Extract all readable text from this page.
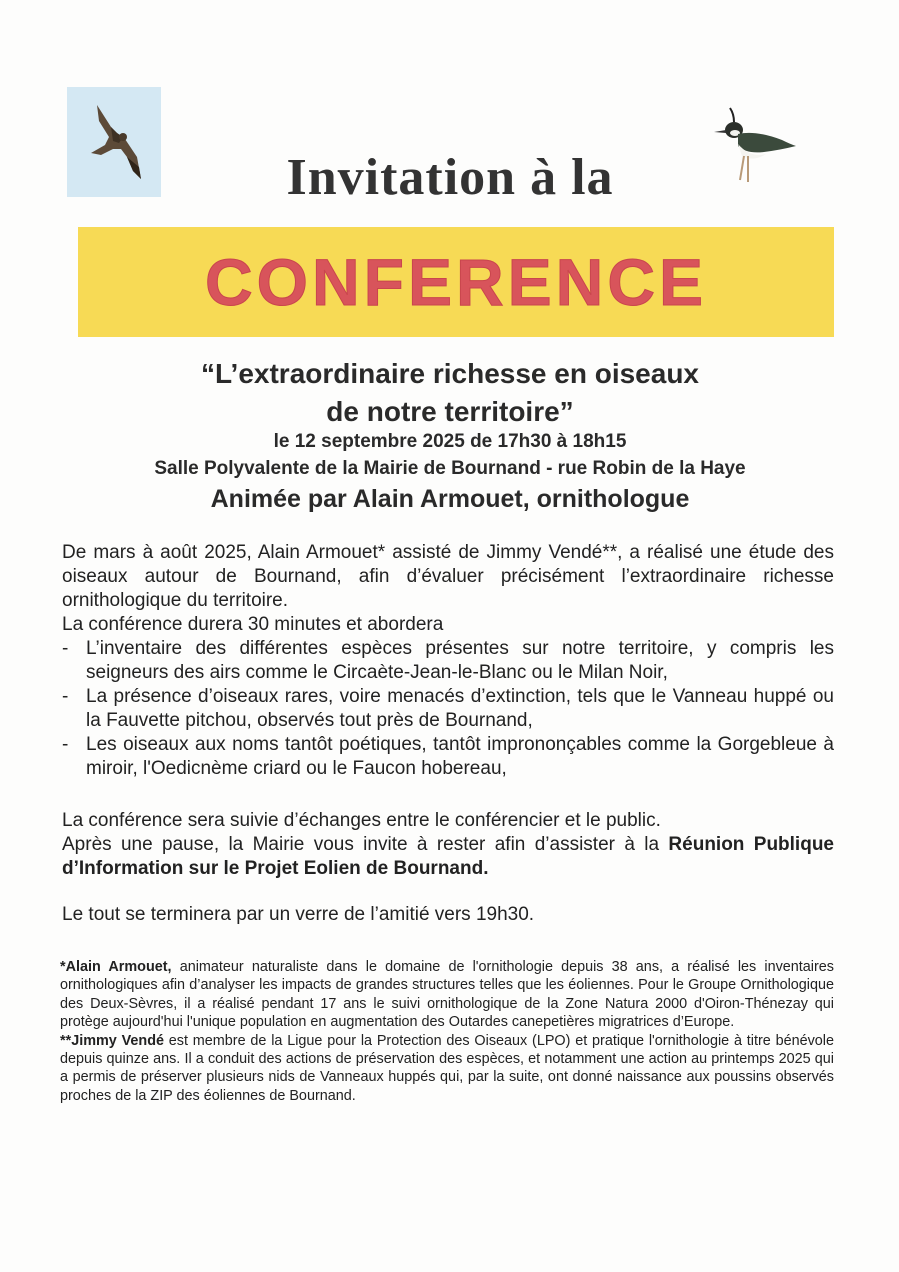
Invitation à la
CONFERENCE
“L’extraordinaire richesse en oiseaux
de notre territoire”
le 12 septembre 2025 de 17h30 à 18h15
Salle Polyvalente de la Mairie de Bournand - rue Robin de la Haye
Animée par Alain Armouet, ornithologue

De mars à août 2025, Alain Armouet* assisté de Jimmy Vendé**, a réalisé une étude des oiseaux autour de Bournand, afin d’évaluer précisément l’extraordinaire richesse ornithologique du territoire.

La conférence durera 30 minutes et abordera

- L’inventaire des différentes espèces présentes sur notre territoire, y compris les seigneurs des airs comme le Circaète-Jean-le-Blanc ou le Milan Noir,
- La présence d’oiseaux rares, voire menacés d’extinction, tels que le Vanneau huppé ou la Fauvette pitchou, observés tout près de Bournand,
- Les oiseaux aux noms tantôt poétiques, tantôt imprononçables comme la Gorgebleue à miroir, l'Oedicnème criard ou le Faucon hobereau,

La conférence sera suivie d’échanges entre le conférencier et le public.

Après une pause, la Mairie vous invite à rester afin d’assister à la Réunion Publique d’Information sur le Projet Eolien de Bournand.

Le tout se terminera par un verre de l’amitié vers 19h30.

*Alain Armouet, animateur naturaliste dans le domaine de l'ornithologie depuis 38 ans, a réalisé les inventaires ornithologiques afin d’analyser les impacts de grandes structures telles que les éoliennes. Pour le Groupe Ornithologique des Deux-Sèvres, il a réalisé pendant 17 ans le suivi ornithologique de la Zone Natura 2000 d'Oiron-Thénezay qui protège aujourd'hui l'unique population en augmentation des Outardes canepetières migratrices d’Europe.

**Jimmy Vendé est membre de la Ligue pour la Protection des Oiseaux (LPO) et pratique l'ornithologie à titre bénévole depuis quinze ans. Il a conduit des actions de préservation des espèces, et notamment une action au printemps 2025 qui a permis de préserver plusieurs nids de Vanneaux huppés qui, par la suite, ont donné naissance aux poussins observés proches de la ZIP des éoliennes de Bournand.
